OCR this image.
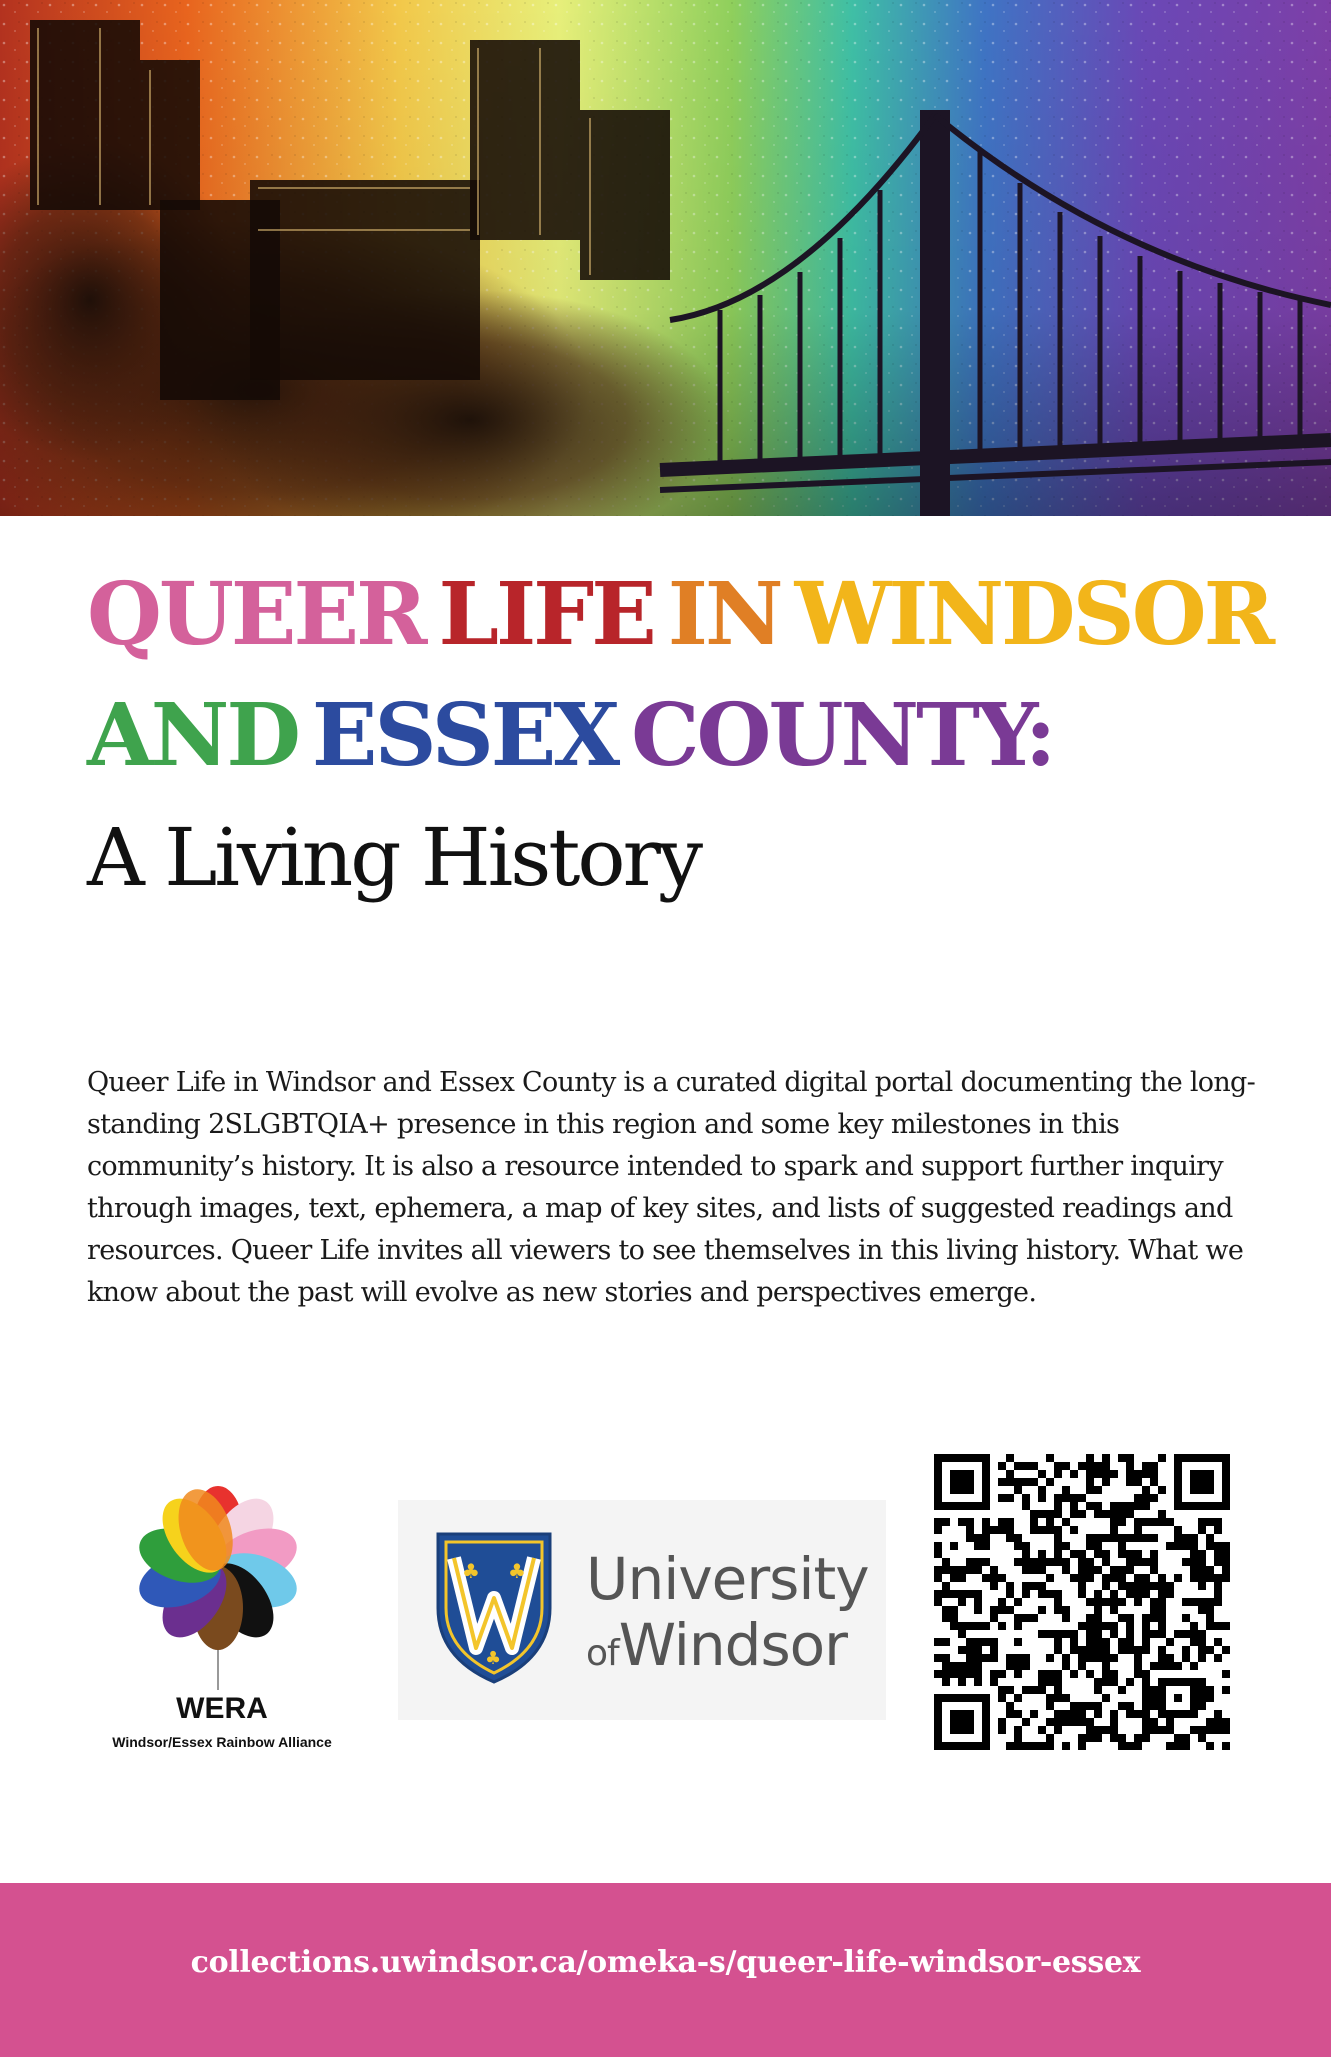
QUEER LIFE IN WINDSOR
AND ESSEX COUNTY:
A Living History

Queer Life in Windsor and Essex County is a curated digital portal documenting the long-standing 2SLGBTQIA+ presence in this region and some key milestones in this community’s history. It is also a resource intended to spark and support further inquiry through images, text, ephemera, a map of key sites, and lists of suggested readings and resources. Queer Life invites all viewers to see themselves in this living history. What we know about the past will evolve as new stories and perspectives emerge.

WERA
Windsor/Essex Rainbow Alliance
♣ ♣
♣
University
ofWindsor
collections.uwindsor.ca/omeka-s/queer-life-windsor-essex
